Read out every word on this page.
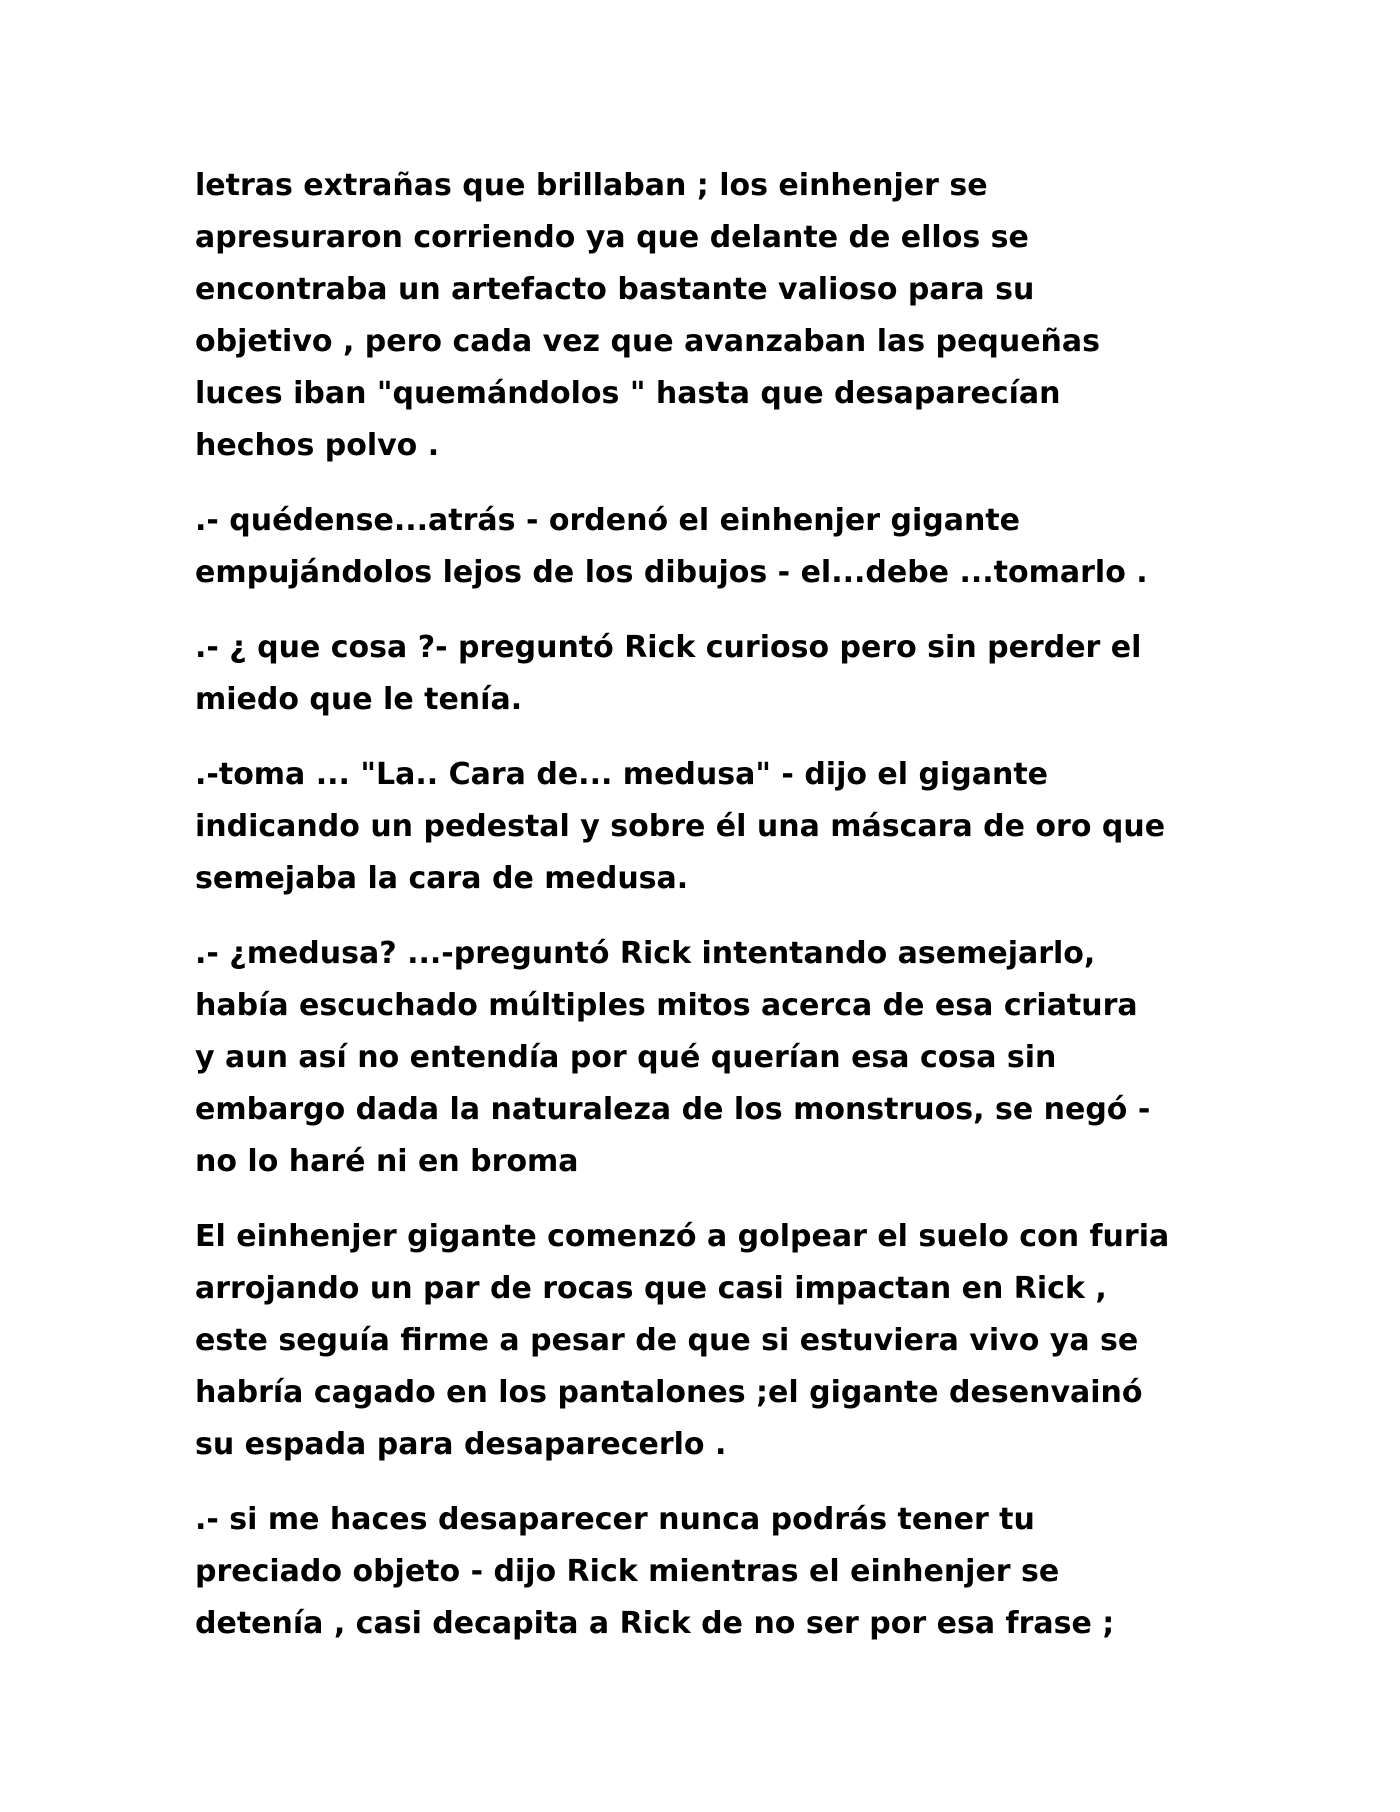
letras extrañas que brillaban ; los einhenjer se
apresuraron corriendo ya que delante de ellos se
encontraba un artefacto bastante valioso para su
objetivo , pero cada vez que avanzaban las pequeñas
luces iban "quemándolos " hasta que desaparecían
hechos polvo .

.- quédense...atrás - ordenó el einhenjer gigante
empujándolos lejos de los dibujos - el...debe ...tomarlo .

.- ¿ que cosa ?- preguntó Rick curioso pero sin perder el
miedo que le tenía.

.-toma ... "La.. Cara de... medusa" - dijo el gigante
indicando un pedestal y sobre él una máscara de oro que
semejaba la cara de medusa.

.- ¿medusa? ...-preguntó Rick intentando asemejarlo,
había escuchado múltiples mitos acerca de esa criatura
y aun así no entendía por qué querían esa cosa sin
embargo dada la naturaleza de los monstruos, se negó -
no lo haré ni en broma

El einhenjer gigante comenzó a golpear el suelo con furia
arrojando un par de rocas que casi impactan en Rick ,
este seguía firme a pesar de que si estuviera vivo ya se
habría cagado en los pantalones ;el gigante desenvainó
su espada para desaparecerlo .

.- si me haces desaparecer nunca podrás tener tu
preciado objeto - dijo Rick mientras el einhenjer se
detenía , casi decapita a Rick de no ser por esa frase ;
